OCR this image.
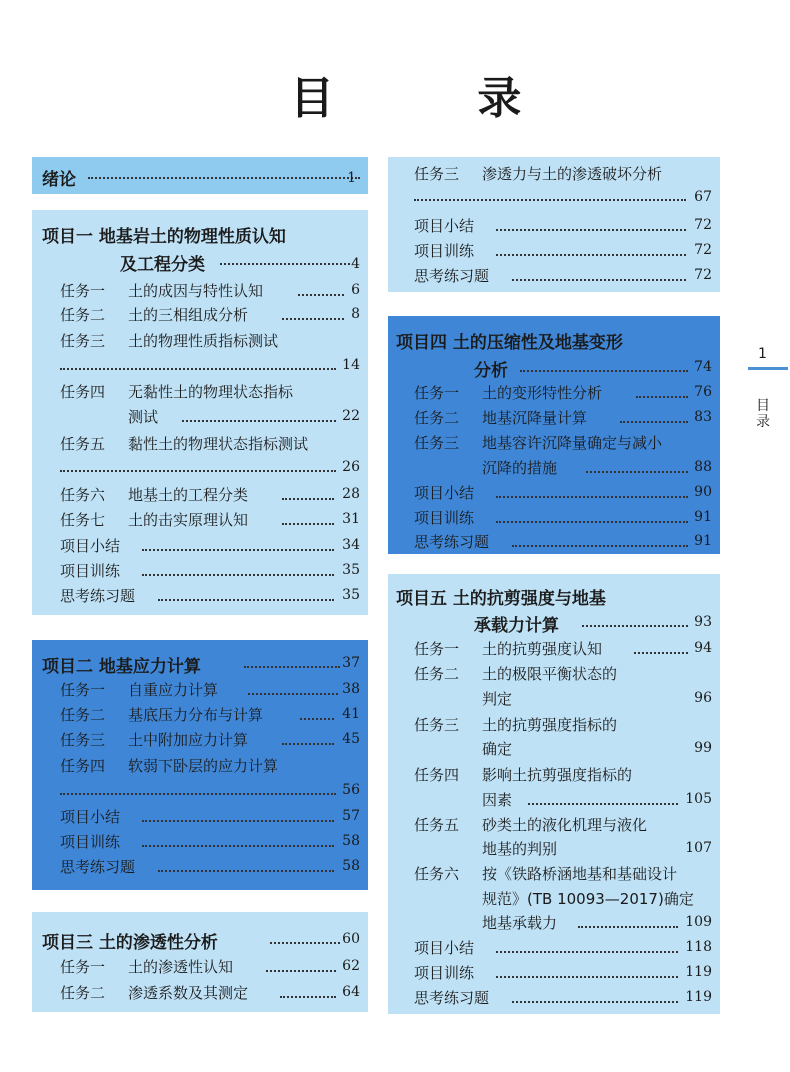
目 录
绪论	1
项目一 地基岩土的物理性质认知
及工程分类	4
任务一 土的成因与特性认知	6
任务二 土的三相组成分析	8
任务三 土的物理性质指标测试
14
任务四 无黏性土的物理状态指标
测试	22
任务五 黏性土的物理状态指标测试
26
任务六 地基土的工程分类	28
任务七 土的击实原理认知	31
项目小结	34
项目训练	35
思考练习题	35
项目二 地基应力计算	37
任务一 自重应力计算	38
任务二 基底压力分布与计算	41
任务三 土中附加应力计算	45
任务四 软弱下卧层的应力计算
56
项目小结	57
项目训练	58
思考练习题	58
项目三 土的渗透性分析	60
任务一 土的渗透性认知	62
任务二 渗透系数及其测定	64
任务三 渗透力与土的渗透破坏分析
67
项目小结	72
项目训练	72
思考练习题	72
项目四 土的压缩性及地基变形
分析	74
任务一 土的变形特性分析	76
任务二 地基沉降量计算	83
任务三 地基容许沉降量确定与减小
沉降的措施	88
项目小结	90
项目训练	91
思考练习题	91
项目五 土的抗剪强度与地基
承载力计算	93
任务一 土的抗剪强度认知	94
任务二 土的极限平衡状态的
判定	96
任务三 土的抗剪强度指标的
确定	99
任务四 影响土抗剪强度指标的
因素	105
任务五 砂类土的液化机理与液化
地基的判别	107
任务六 按《铁路桥涵地基和基础设计
规范》(TB 10093—2017)确定
地基承载力	109
项目小结	118
项目训练	119
思考练习题	119
1
目录
